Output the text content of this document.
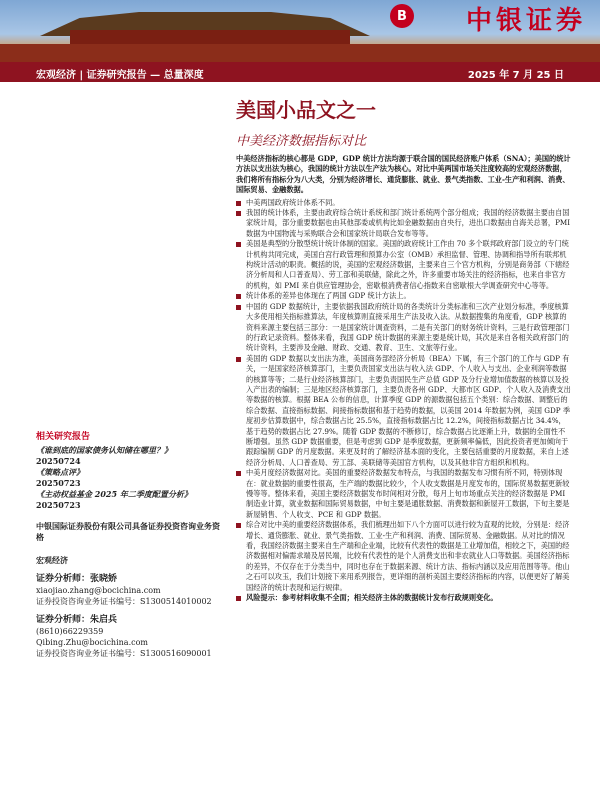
B 中银证券
宏观经济 | 证券研究报告 — 总量深度	2025 年 7 月 25 日
美国小品文之一
中美经济数据指标对比

中美经济指标的核心都是 GDP，GDP 统计方法均源于联合国的国民经济账户体系（SNA）；美国的统计方法以支出法为核心，我国的统计方法以生产法为核心。对比中美两国市场关注度较高的宏观经济数据，我们将所有指标分为八大类，分别为经济增长、通货膨胀、就业、景气类指数、工业-生产和利润、消费、国际贸易、金融数据。

中美两国政府统计体系不同。

我国的统计体系，主要由政府综合统计系统和部门统计系统两个部分组成；我国的经济数据主要由自国家统计局，部分重要数据也由其他部委或机构比如金融数据由自央行，进出口数据由自海关总署，PMI 数据为中国物流与采购联合会和国家统计局联合发布等等。

美国是典型的分散型统计统计体制的国家。美国的政府统计工作由 70 多个联邦政府部门设立的专门统计机构共同完成，美国白宫行政管理和预算办公室（OMB）承担监督、管理、协调和指导所有联邦机构统计活动的职责。概括的说，美国的宏观经济数据，主要来自三个官方机构，分别是商务部（下辖经济分析局和人口普查局）、劳工部和美联储，除此之外，许多重要市场关注的经济指标，也来自非官方的机构，如 PMI 来自供应管理协会，密歇根消费者信心指数来自密歇根大学调查研究中心等等。

统计体系的差异也体现在了两国 GDP 统计方法上。

中国的 GDP 数据统计，主要依据我国政府统计局的各类统计分类标准和三次产业划分标准，季度核算大多使用相关指标推算法，年度核算则直接采用生产法及收入法。从数据搜集的角度看，GDP 核算的资料来源主要包括三部分：一是国家统计调查资料，二是有关部门的财务统计资料，三是行政管理部门的行政记录资料。整体来看，我国 GDP 统计数据的来源主要是统计局，其次是来自各相关政府部门的统计资料，主要涉及金融、财政、交通、教育、卫生、文旅等行业。

美国的 GDP 数据以支出法为准，美国商务部经济分析局（BEA）下属，有三个部门的工作与 GDP 有关，一是国家经济核算部门，主要负责国家支出法与收入法 GDP、个人收入与支出、企业利润等数据的核算等等；二是行业经济核算部门，主要负责国民生产总值 GDP 及分行业增加值数据的核算以及投入产出表的编制；三是地区经济核算部门，主要负责各州 GDP、大都市区 GDP、个人收入及消费支出等数据的核算。根据 BEA 公布的信息，计算季度 GDP 的源数据包括五个类别：综合数据、调整后的综合数据、直接指标数据、间接指标数据和基于趋势的数据，以美国 2014 年数据为例，美国 GDP 季度初步估算数据中，综合数据占比 25.5%，直接指标数据占比 12.2%，间接指标数据占比 34.4%，基于趋势的数据占比 27.9%。随着 GDP 数据的不断修订，综合数据占比逐渐上升，数据的全面性不断增强。虽然 GDP 数据重要，但是考虑到 GDP 是季度数据，更新频率偏低，因此投资者更加倾向于跟踪编制 GDP 的月度数据。来更及时的了解经济基本面的变化，主要包括重要的月度数据，来自上述经济分析局、人口普查局、劳工部、美联储等美国官方机构，以及其他非官方组织和机构。

中美月度经济数据对比。美国的重要经济数据发布特点，与我国的数据发布习惯有所不同，特别体现在：就业数据的重要性很高，生产端的数据比较少，个人收支数据是月度发布的，国际贸易数据更新较慢等等。整体来看，美国主要经济数据发布时间相对分散，每月上旬市场重点关注的经济数据是 PMI 制造业计算，就业数据和国际贸易数据，中旬主要是通胀数据、消费数据和新屋开工数据，下旬主要是新屋销售、个人收支、PCE 和 GDP 数据。

综合对比中美的重要经济数据体系，我们梳理出如下八个方面可以进行较为直观的比较，分别是：经济增长、通货膨胀、就业、景气类指数、工业-生产和利润、消费、国际贸易、金融数据。从对比的情况看，我国经济数据主要来自生产端和企业端，比较有代表性的数据是工业增加值，相较之下，美国的经济数据相对偏需求端及居民端，比较有代表性的是个人消费支出和非农就业人口等数据。美国经济指标的差异，不仅存在于分类当中，同时也存在于数据来源、统计方法、指标内涵以及应用范围等等。他山之石可以攻玉，我们计划接下来用系列报告，更详细的剖析美国主要经济指标的内容，以便更好了解美国经济的统计表现和运行规律。

风险提示：参考材料收集不全面；相关经济主体的数据统计发布行政规则变化。

相关研究报告
《谁到底的国家债务认知储在哪里？》
20250724
《策略点评》
20250723
《主动权益基金 2025 年二季度配置分析》
20250723
中银国际证券股份有限公司具备证券投资咨询业务资格
宏观经济
证券分析师：张晓娇
xiaojiao.zhang@bocichina.com
证券投资咨询业务证书编号：S1300514010002
证券分析师：朱启兵
(8610)66229359
Qibing.Zhu@bocichina.com
证券投资咨询业务证书编号：S1300516090001
